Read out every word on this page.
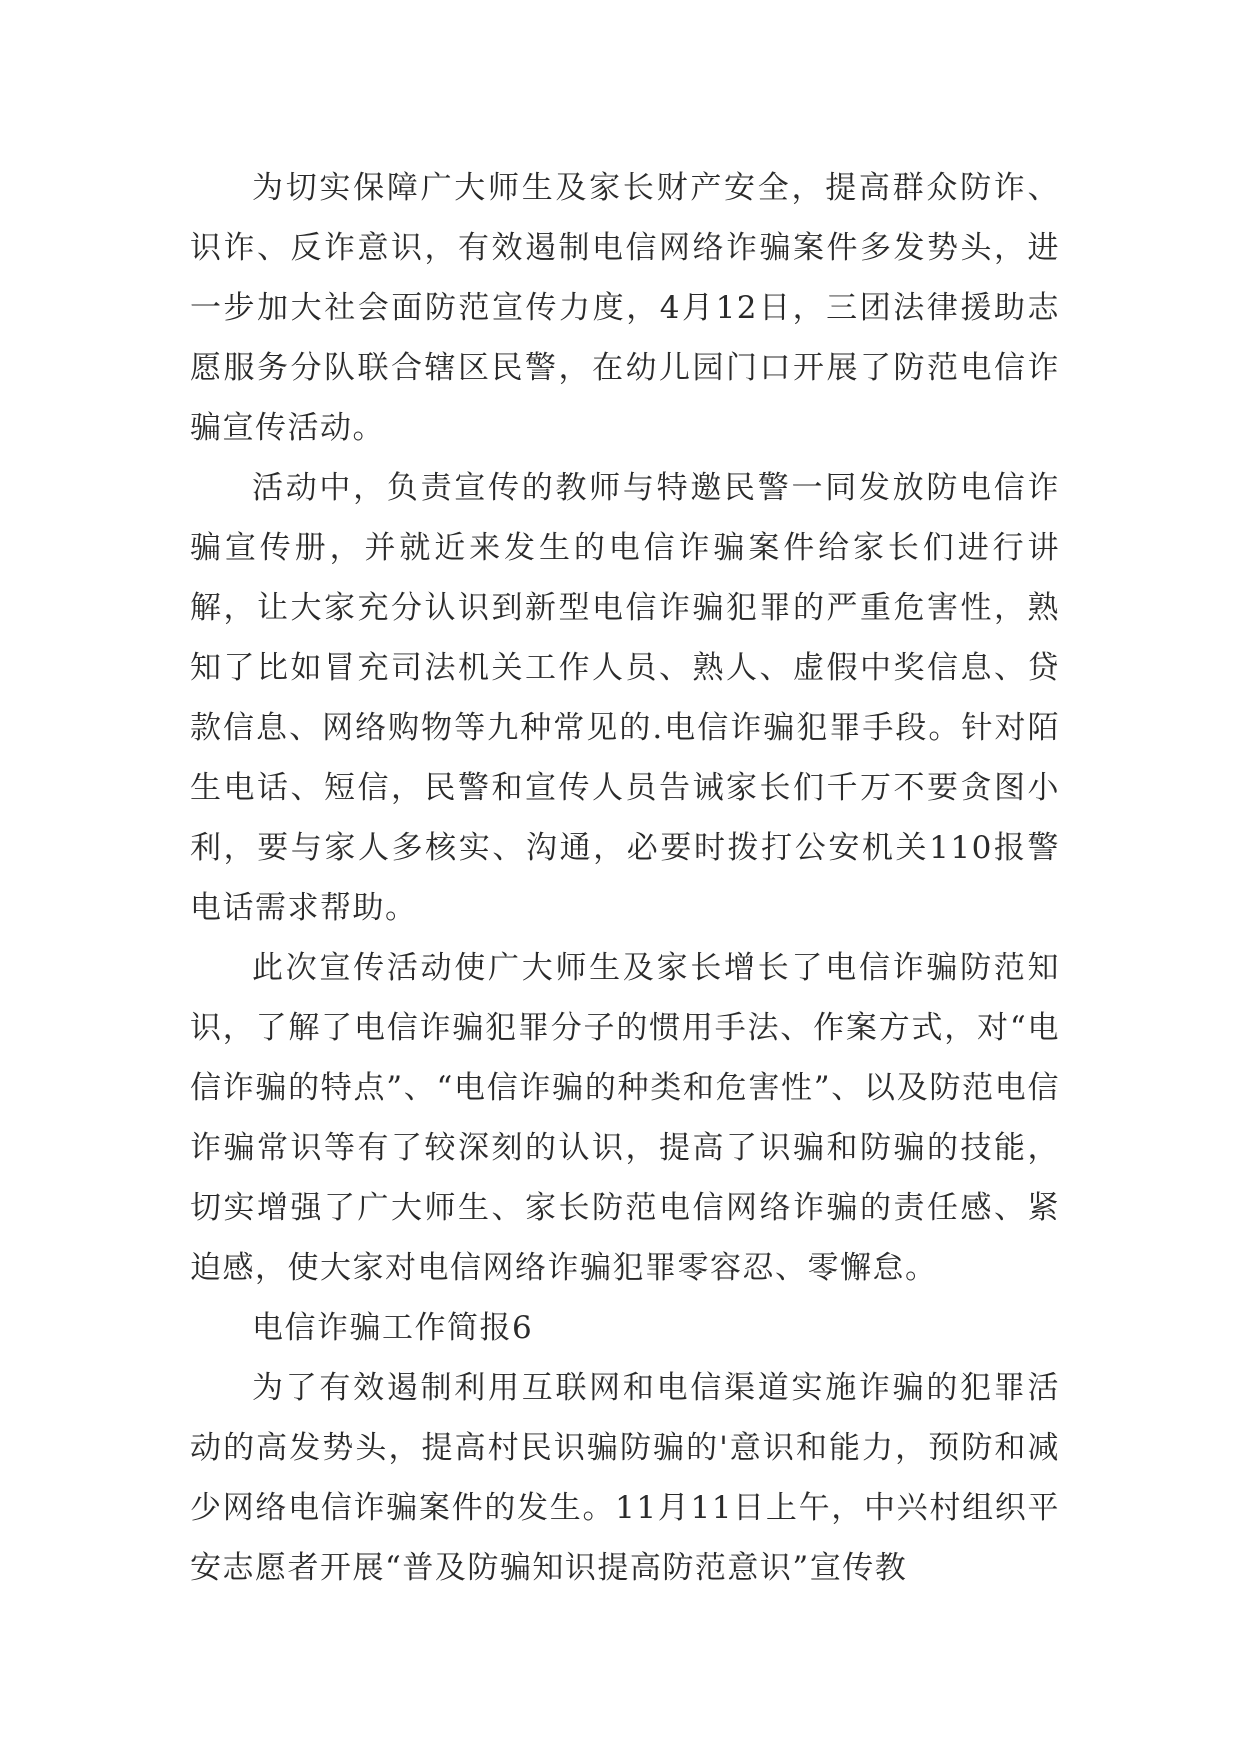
为切实保障广大师生及家长财产安全，提高群众防诈、识诈、反诈意识，有效遏制电信网络诈骗案件多发势头，进一步加大社会面防范宣传力度，4月12日，三团法律援助志愿服务分队联合辖区民警，在幼儿园门口开展了防范电信诈骗宣传活动。

活动中，负责宣传的教师与特邀民警一同发放防电信诈骗宣传册，并就近来发生的电信诈骗案件给家长们进行讲解，让大家充分认识到新型电信诈骗犯罪的严重危害性，熟知了比如冒充司法机关工作人员、熟人、虚假中奖信息、贷款信息、网络购物等九种常见的.电信诈骗犯罪手段。针对陌生电话、短信，民警和宣传人员告诫家长们千万不要贪图小利，要与家人多核实、沟通，必要时拨打公安机关110报警电话需求帮助。

此次宣传活动使广大师生及家长增长了电信诈骗防范知识，了解了电信诈骗犯罪分子的惯用手法、作案方式，对“电信诈骗的特点”、“电信诈骗的种类和危害性”、以及防范电信诈骗常识等有了较深刻的认识，提高了识骗和防骗的技能，切实增强了广大师生、家长防范电信网络诈骗的责任感、紧迫感，使大家对电信网络诈骗犯罪零容忍、零懈怠。

电信诈骗工作简报6

为了有效遏制利用互联网和电信渠道实施诈骗的犯罪活动的高发势头，提高村民识骗防骗的'意识和能力，预防和减少网络电信诈骗案件的发生。11月11日上午，中兴村组织平安志愿者开展“普及防骗知识提高防范意识”宣传教
